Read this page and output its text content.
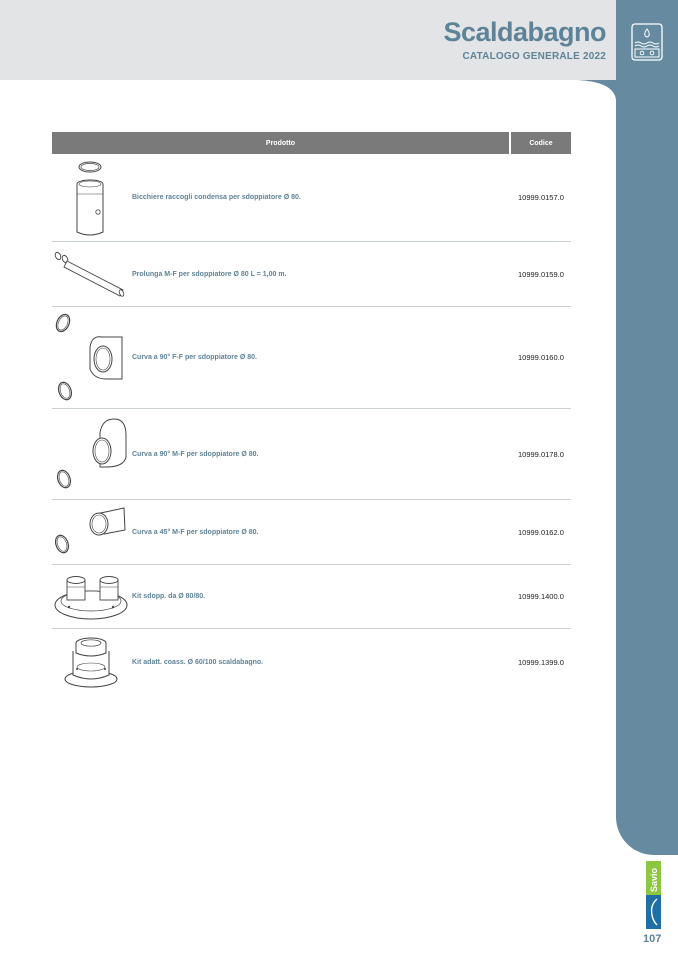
Scaldabagno
CATALOGO GENERALE 2022
Prodotto		Codice

	Bicchiere raccogli condensa per sdoppiatore Ø 80.	10999.0157.0

	Prolunga M-F per sdoppiatore Ø 80 L = 1,00 m.	10999.0159.0

	Curva a 90° F-F per sdoppiatore Ø 80.	10999.0160.0

	Curva a 90° M-F per sdoppiatore Ø 80.	10999.0178.0

	Curva a 45° M-F per sdoppiatore Ø 80.	10999.0162.0

	Kit sdopp. da Ø 80/80.	10999.1400.0

	Kit adatt. coass. Ø 60/100 scaldabagno.	10999.1399.0
Savio
107
